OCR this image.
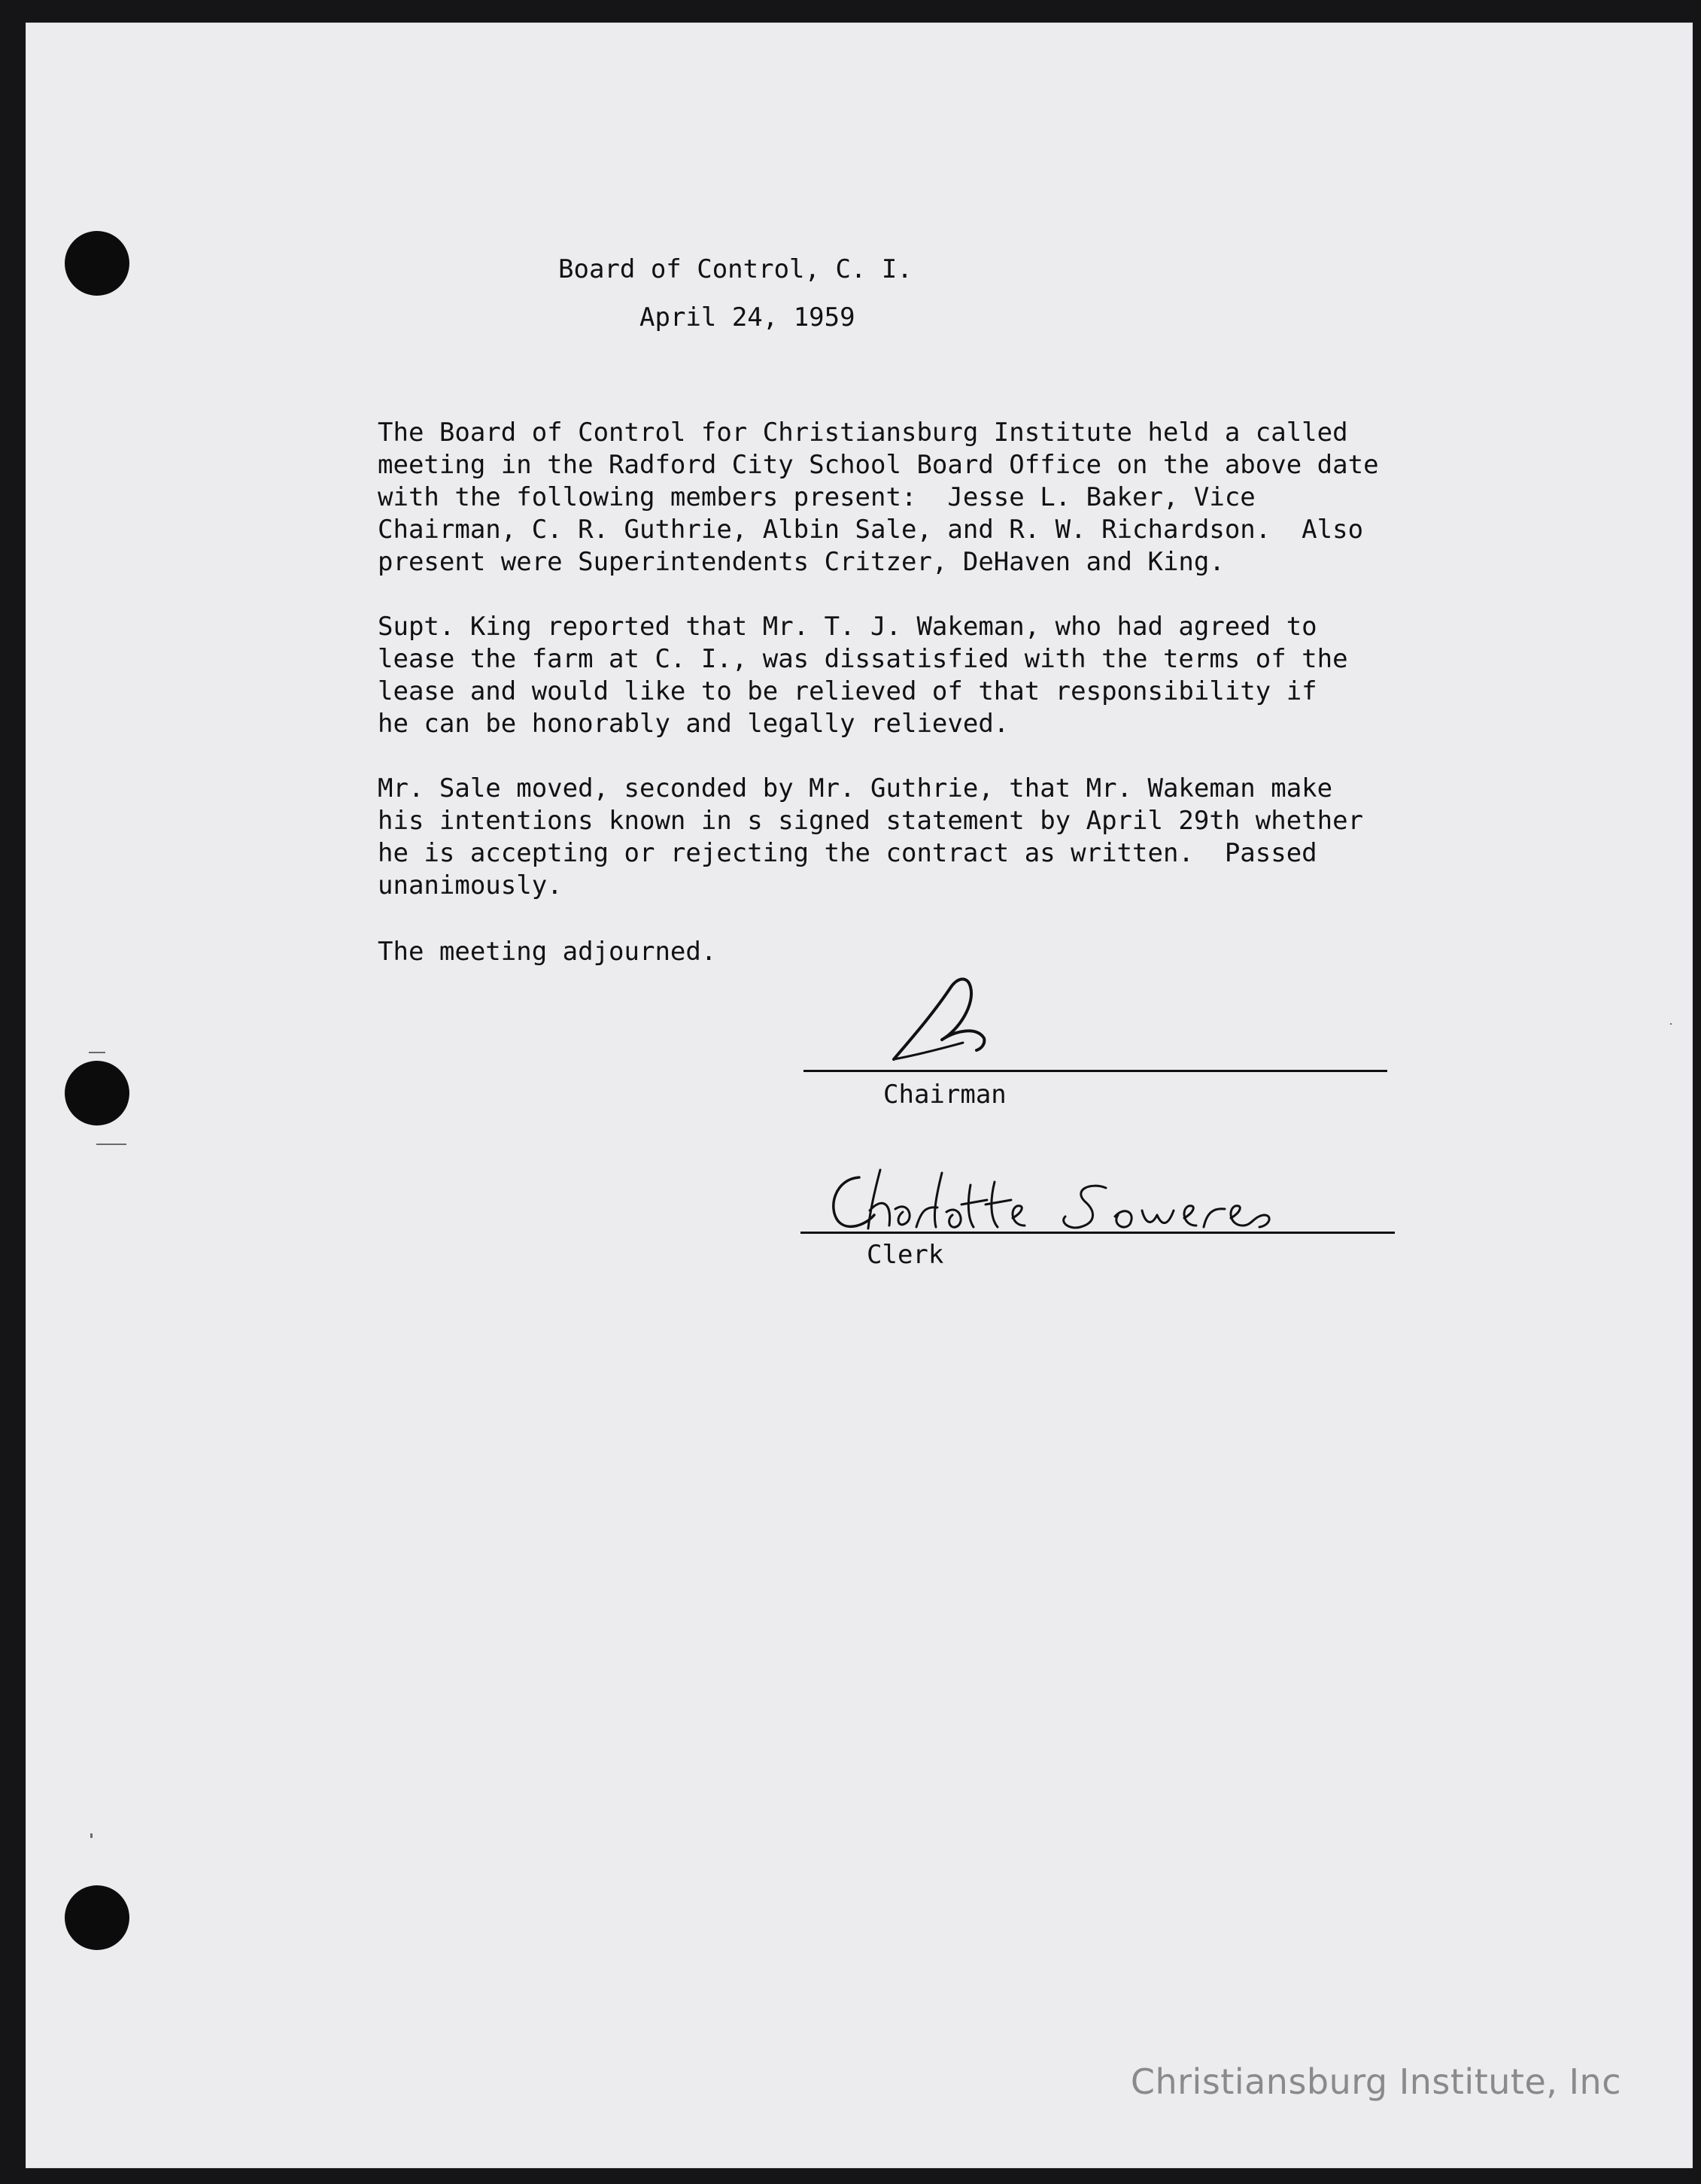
Board of Control, C. I.
April 24, 1959
The Board of Control for Christiansburg Institute held a called
meeting in the Radford City School Board Office on the above date
with the following members present:  Jesse L. Baker, Vice
Chairman, C. R. Guthrie, Albin Sale, and R. W. Richardson.  Also
present were Superintendents Critzer, DeHaven and King.
Supt. King reported that Mr. T. J. Wakeman, who had agreed to
lease the farm at C. I., was dissatisfied with the terms of the
lease and would like to be relieved of that responsibility if
he can be honorably and legally relieved.
Mr. Sale moved, seconded by Mr. Guthrie, that Mr. Wakeman make
his intentions known in s signed statement by April 29th whether
he is accepting or rejecting the contract as written.  Passed
unanimously.
The meeting adjourned.
Chairman
Clerk
Christiansburg Institute, Inc
